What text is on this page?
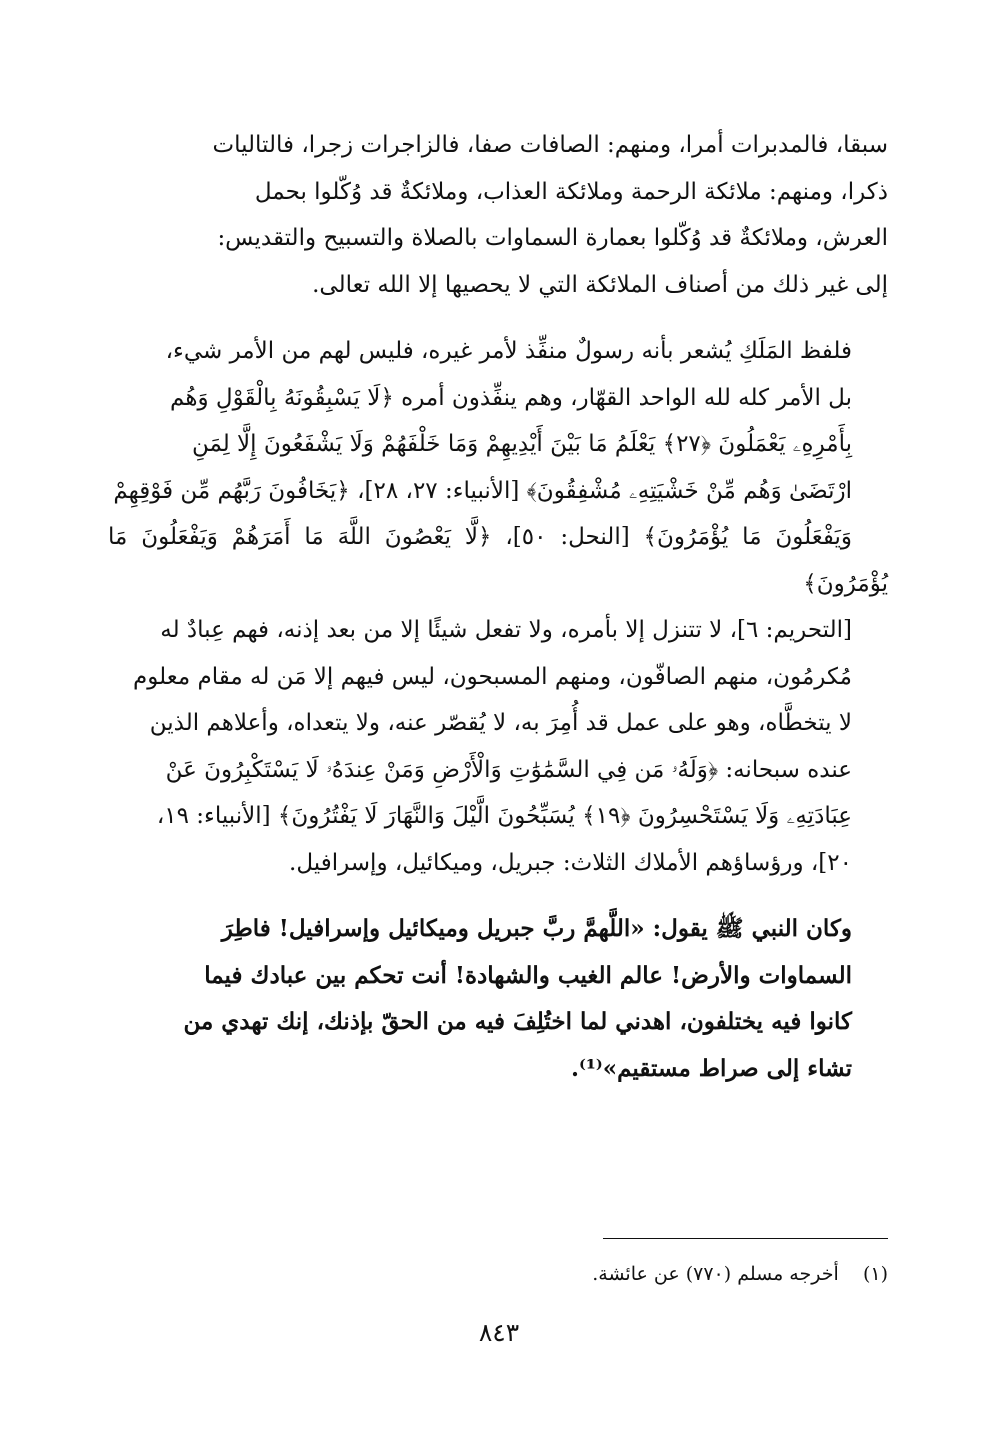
سبقا، فالمدبرات أمرا، ومنهم: الصافات صفا، فالزاجرات زجرا، فالتاليات
ذكرا، ومنهم: ملائكة الرحمة وملائكة العذاب، وملائكةٌ قد وُكّلوا بحمل
العرش، وملائكةٌ قد وُكّلوا بعمارة السماوات بالصلاة والتسبيح والتقديس:
إلى غير ذلك من أصناف الملائكة التي لا يحصيها إلا الله تعالى.
فلفظ المَلَكِ يُشعر بأنه رسولٌ منفِّذ لأمر غيره، فليس لهم من الأمر شيء،
بل الأمر كله لله الواحد القهّار، وهم ينفِّذون أمره ﴿لَا يَسْبِقُونَهُ بِالْقَوْلِ وَهُم
بِأَمْرِهِۦ يَعْمَلُونَ ﴿٢٧﴾ يَعْلَمُ مَا بَيْنَ أَيْدِيهِمْ وَمَا خَلْفَهُمْ وَلَا يَشْفَعُونَ إِلَّا لِمَنِ
ارْتَضَىٰ وَهُم مِّنْ خَشْيَتِهِۦ مُشْفِقُونَ﴾ [الأنبياء: ٢٧، ٢٨]، ﴿يَخَافُونَ رَبَّهُم مِّن فَوْقِهِمْ
وَيَفْعَلُونَ مَا يُؤْمَرُونَ﴾ [النحل: ٥٠]، ﴿لَّا يَعْصُونَ اللَّهَ مَا أَمَرَهُمْ وَيَفْعَلُونَ مَا يُؤْمَرُونَ﴾
[التحريم: ٦]، لا تتنزل إلا بأمره، ولا تفعل شيئًا إلا من بعد إذنه، فهم عِبادٌ له
مُكرمُون، منهم الصافّون، ومنهم المسبحون، ليس فيهم إلا مَن له مقام معلوم
لا يتخطَّاه، وهو على عمل قد أُمِرَ به، لا يُقصّر عنه، ولا يتعداه، وأعلاهم الذين
عنده سبحانه: ﴿وَلَهُۥ مَن فِي السَّمَٰوَٰتِ وَالْأَرْضِ وَمَنْ عِندَهُۥ لَا يَسْتَكْبِرُونَ عَنْ
عِبَادَتِهِۦ وَلَا يَسْتَحْسِرُونَ ﴿١٩﴾ يُسَبِّحُونَ الَّيْلَ وَالنَّهَارَ لَا يَفْتُرُونَ﴾ [الأنبياء: ١٩،
٢٠]، ورؤساؤهم الأملاك الثلاث: جبريل، وميكائيل، وإسرافيل.
وكان النبي ﷺ يقول: «اللَّهمَّ ربَّ جبريل وميكائيل وإسرافيل! فاطِرَ
السماوات والأرض! عالم الغيب والشهادة! أنت تحكم بين عبادك فيما
كانوا فيه يختلفون، اهدني لما اختُلِفَ فيه من الحقّ بإذنك، إنك تهدي من
تشاء إلى صراط مستقيم»⁽¹⁾.
(١)    أخرجه مسلم (٧٧٠) عن عائشة.
٨٤٣
